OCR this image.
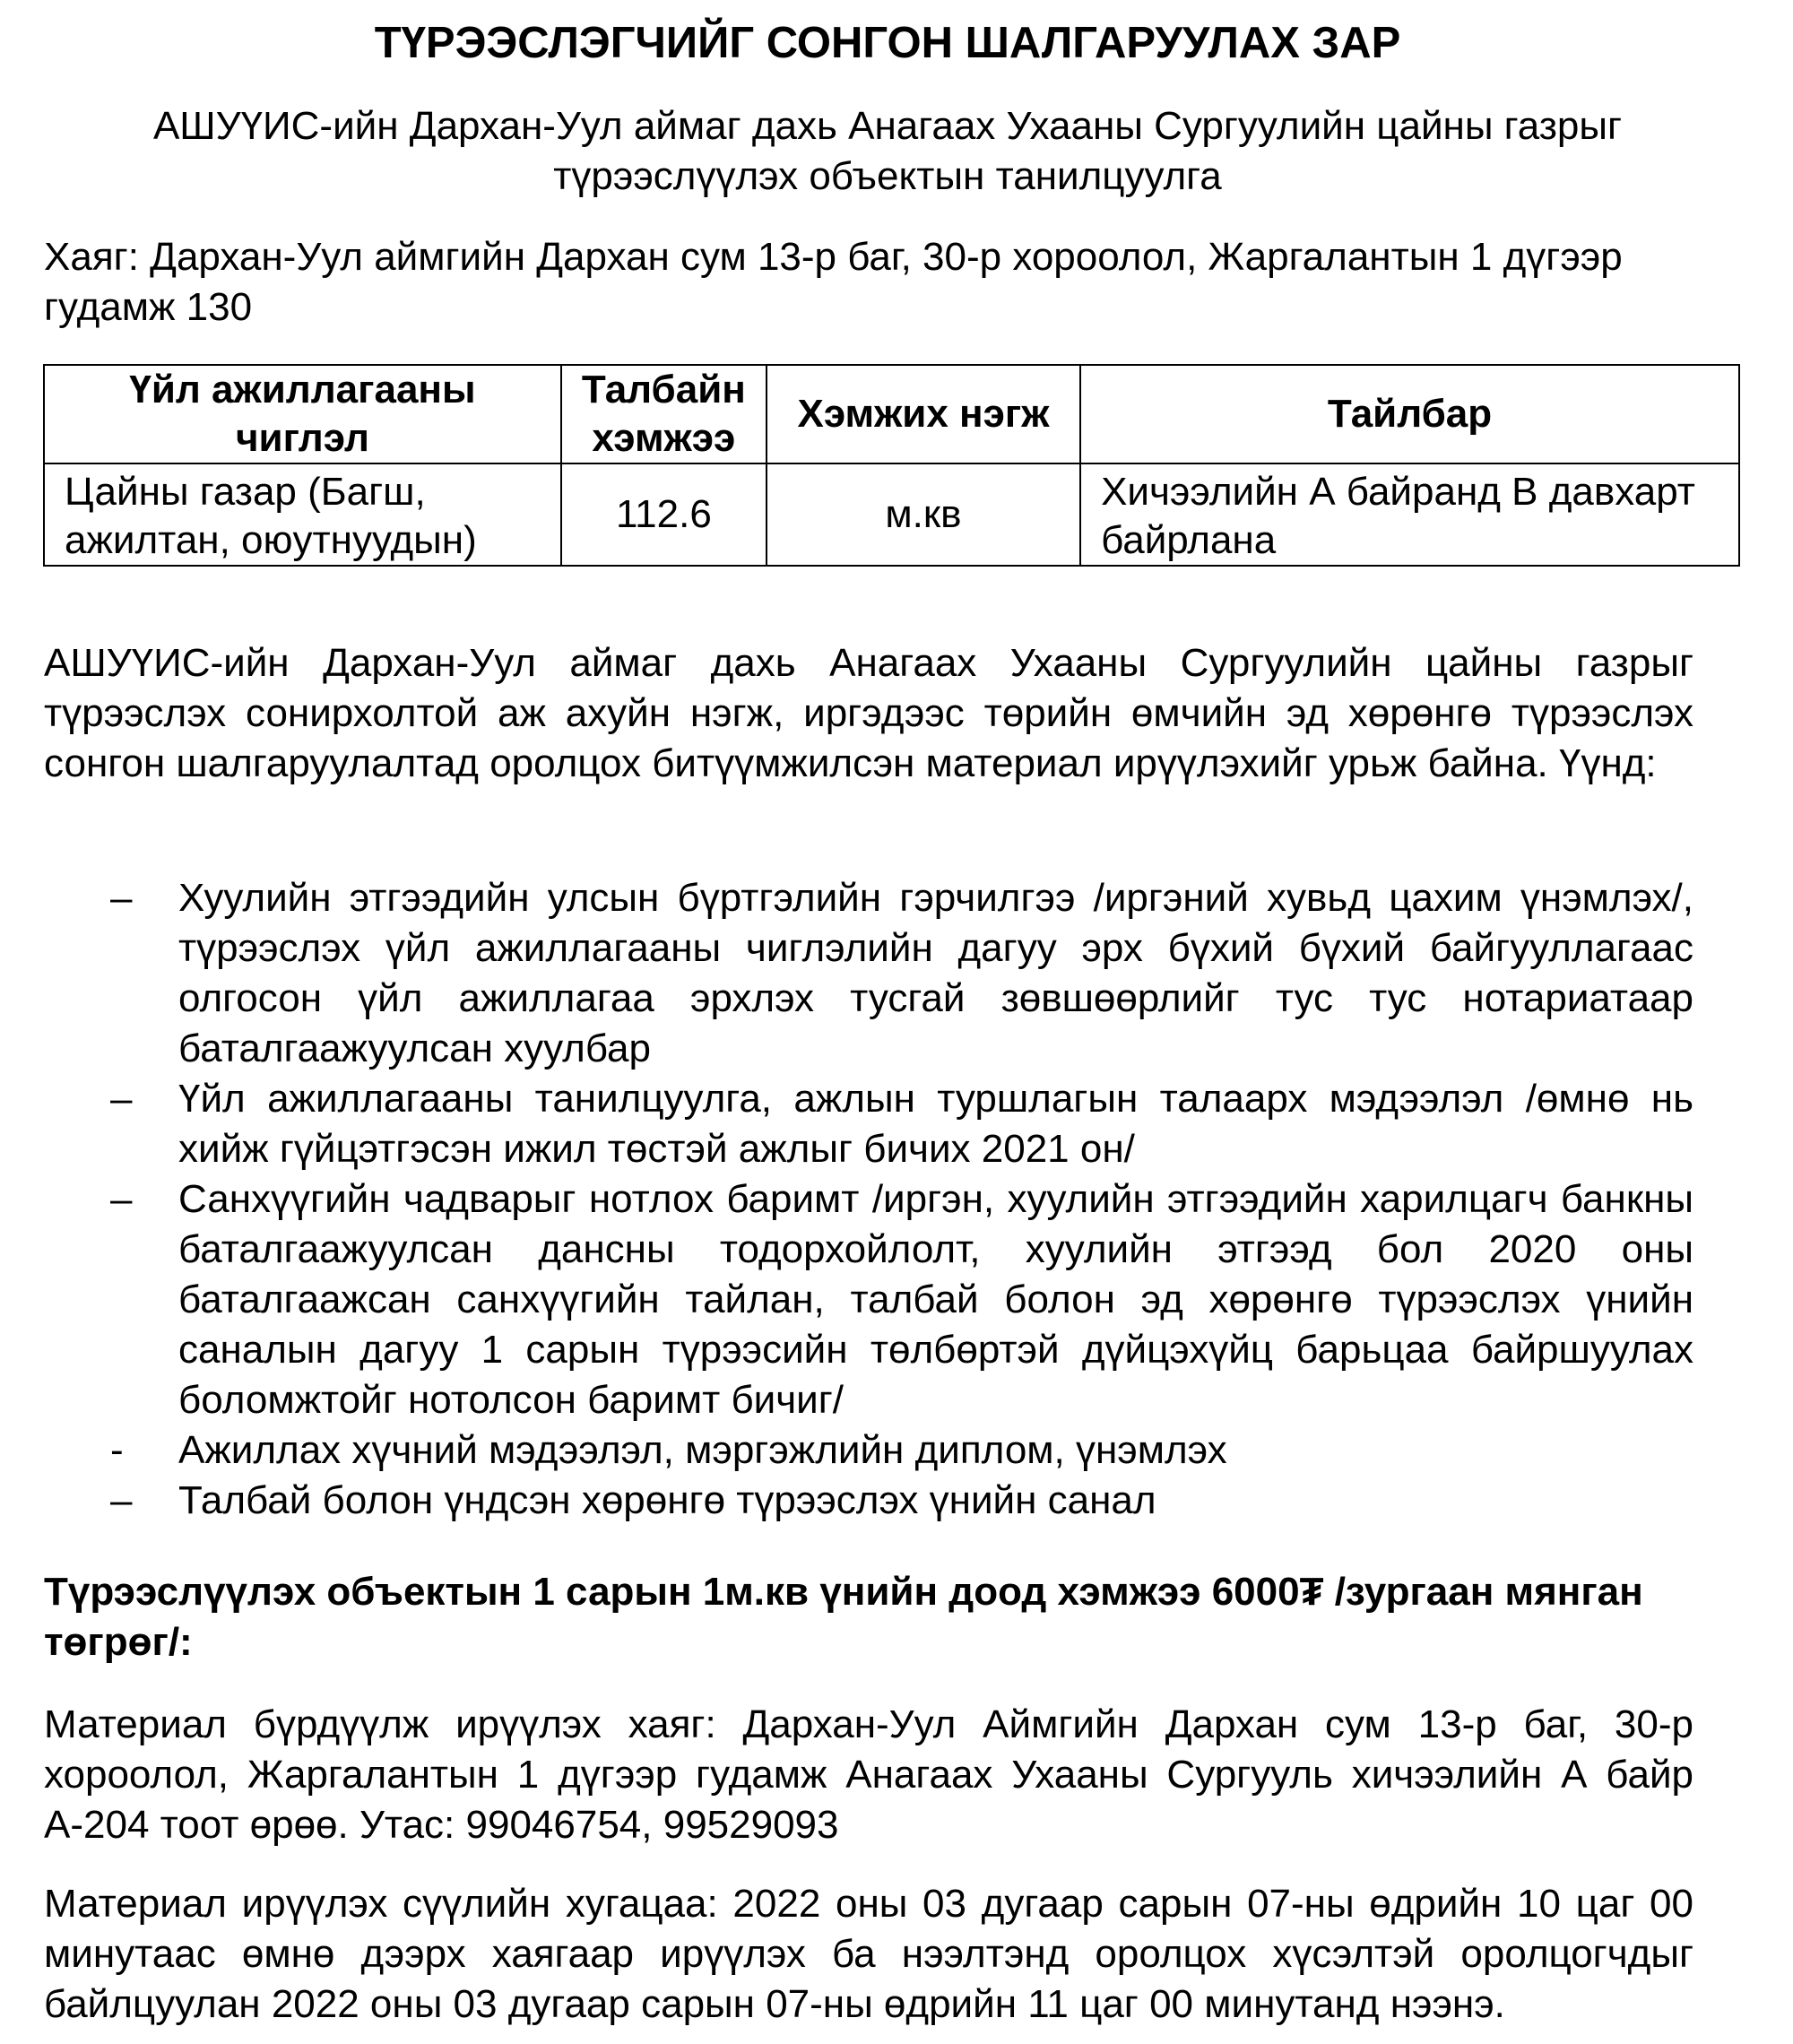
ТҮРЭЭСЛЭГЧИЙГ СОНГОН ШАЛГАРУУЛАХ ЗАР
АШУҮИС-ийн Дархан-Уул аймаг дахь Анагаах Ухааны Сургуулийн цайны газрыг
түрээслүүлэх объектын танилцуулга
Хаяг: Дархан-Уул аймгийн Дархан сум 13-р баг, 30-р хороолол, Жаргалантын 1 дүгээр гудамж 130
Үйл ажиллагааны чиглэл	Талбайн хэмжээ	Хэмжих нэгж	Тайлбар
Цайны газар (Багш, ажилтан, оюутнуудын)	112.6	м.кв	Хичээлийн А байранд В давхарт байрлана
АШУҮИС-ийн Дархан-Уул аймаг дахь Анагаах Ухааны Сургуулийн цайны газрыг түрээслэх сонирхолтой аж ахуйн нэгж, иргэдээс төрийн өмчийн эд хөрөнгө түрээслэх сонгон шалгаруулалтад оролцох битүүмжилсэн материал ирүүлэхийг урьж байна. Үүнд:
– Хуулийн этгээдийн улсын бүртгэлийн гэрчилгээ /иргэний хувьд цахим үнэмлэх/, түрээслэх үйл ажиллагааны чиглэлийн дагуу эрх бүхий бүхий байгууллагаас олгосон үйл ажиллагаа эрхлэх тусгай зөвшөөрлийг тус тус нотариатаар баталгаажуулсан хуулбар
– Үйл ажиллагааны танилцуулга, ажлын туршлагын талаарх мэдээлэл /өмнө нь хийж гүйцэтгэсэн ижил төстэй ажлыг бичих 2021 он/
– Санхүүгийн чадварыг нотлох баримт /иргэн, хуулийн этгээдийн харилцагч банкны баталгаажуулсан дансны тодорхойлолт, хуулийн этгээд бол 2020 оны баталгаажсан санхүүгийн тайлан, талбай болон эд хөрөнгө түрээслэх үнийн саналын дагуу 1 сарын түрээсийн төлбөртэй дүйцэхүйц барьцаа байршуулах боломжтойг нотолсон баримт бичиг/
- Ажиллах хүчний мэдээлэл, мэргэжлийн диплом, үнэмлэх
– Талбай болон үндсэн хөрөнгө түрээслэх үнийн санал
Түрээслүүлэх объектын 1 сарын 1м.кв үнийн доод хэмжээ 6000₮ /зургаан мянган төгрөг/:
Материал бүрдүүлж ирүүлэх хаяг: Дархан-Уул Аймгийн Дархан сум 13-р баг, 30-р хороолол, Жаргалантын 1 дүгээр гудамж Анагаах Ухааны Сургууль хичээлийн А байр А-204 тоот өрөө. Утас: 99046754, 99529093
Материал ирүүлэх сүүлийн хугацаа: 2022 оны 03 дугаар сарын 07-ны өдрийн 10 цаг 00 минутаас өмнө дээрх хаягаар ирүүлэх ба нээлтэнд оролцох хүсэлтэй оролцогчдыг байлцуулан 2022 оны 03 дугаар сарын 07-ны өдрийн 11 цаг 00 минутанд нээнэ.
